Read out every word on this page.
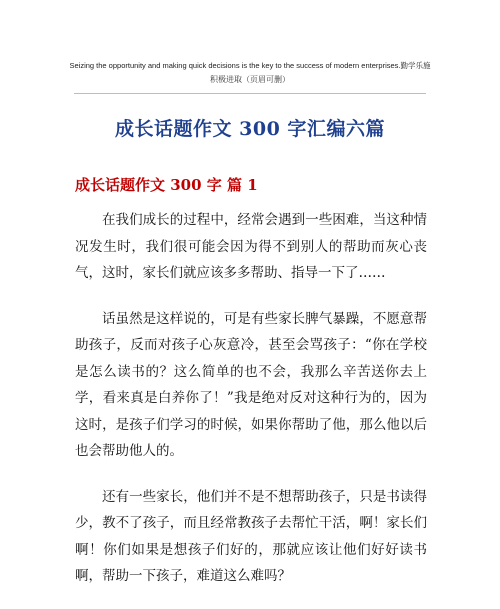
Seizing the opportunity and making quick decisions is the key to the success of modern enterprises.勤学乐施
积极进取（页眉可删）
成长话题作文 300 字汇编六篇
成长话题作文 300 字 篇 1

在我们成长的过程中，经常会遇到一些困难，当这种情况发生时，我们很可能会因为得不到别人的帮助而灰心丧气，这时，家长们就应该多多帮助、指导一下了……

话虽然是这样说的，可是有些家长脾气暴躁，不愿意帮助孩子，反而对孩子心灰意冷，甚至会骂孩子：“你在学校是怎么读书的？这么简单的也不会，我那么辛苦送你去上学，看来真是白养你了！”我是绝对反对这种行为的，因为这时，是孩子们学习的时候，如果你帮助了他，那么他以后也会帮助他人的。

还有一些家长，他们并不是不想帮助孩子，只是书读得少，教不了孩子，而且经常教孩子去帮忙干活，啊！家长们啊！你们如果是想孩子们好的，那就应该让他们好好读书啊，帮助一下孩子，难道这么难吗？
